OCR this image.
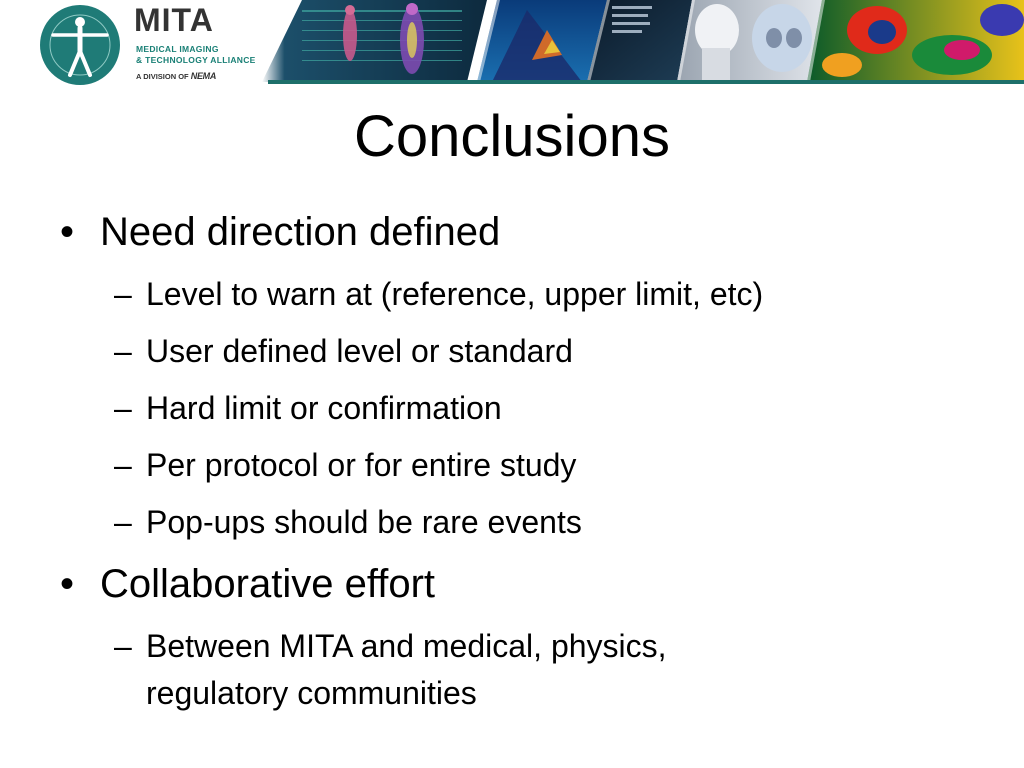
MITA
MEDICAL IMAGING
& TECHNOLOGY ALLIANCE
A DIVISION OF NEMA
Conclusions
• Need direction defined
– Level to warn at (reference, upper limit, etc)
– User defined level or standard
– Hard limit or confirmation
– Per protocol or for entire study
– Pop-ups should be rare events
• Collaborative effort
– Between MITA and medical, physics,
regulatory communities
